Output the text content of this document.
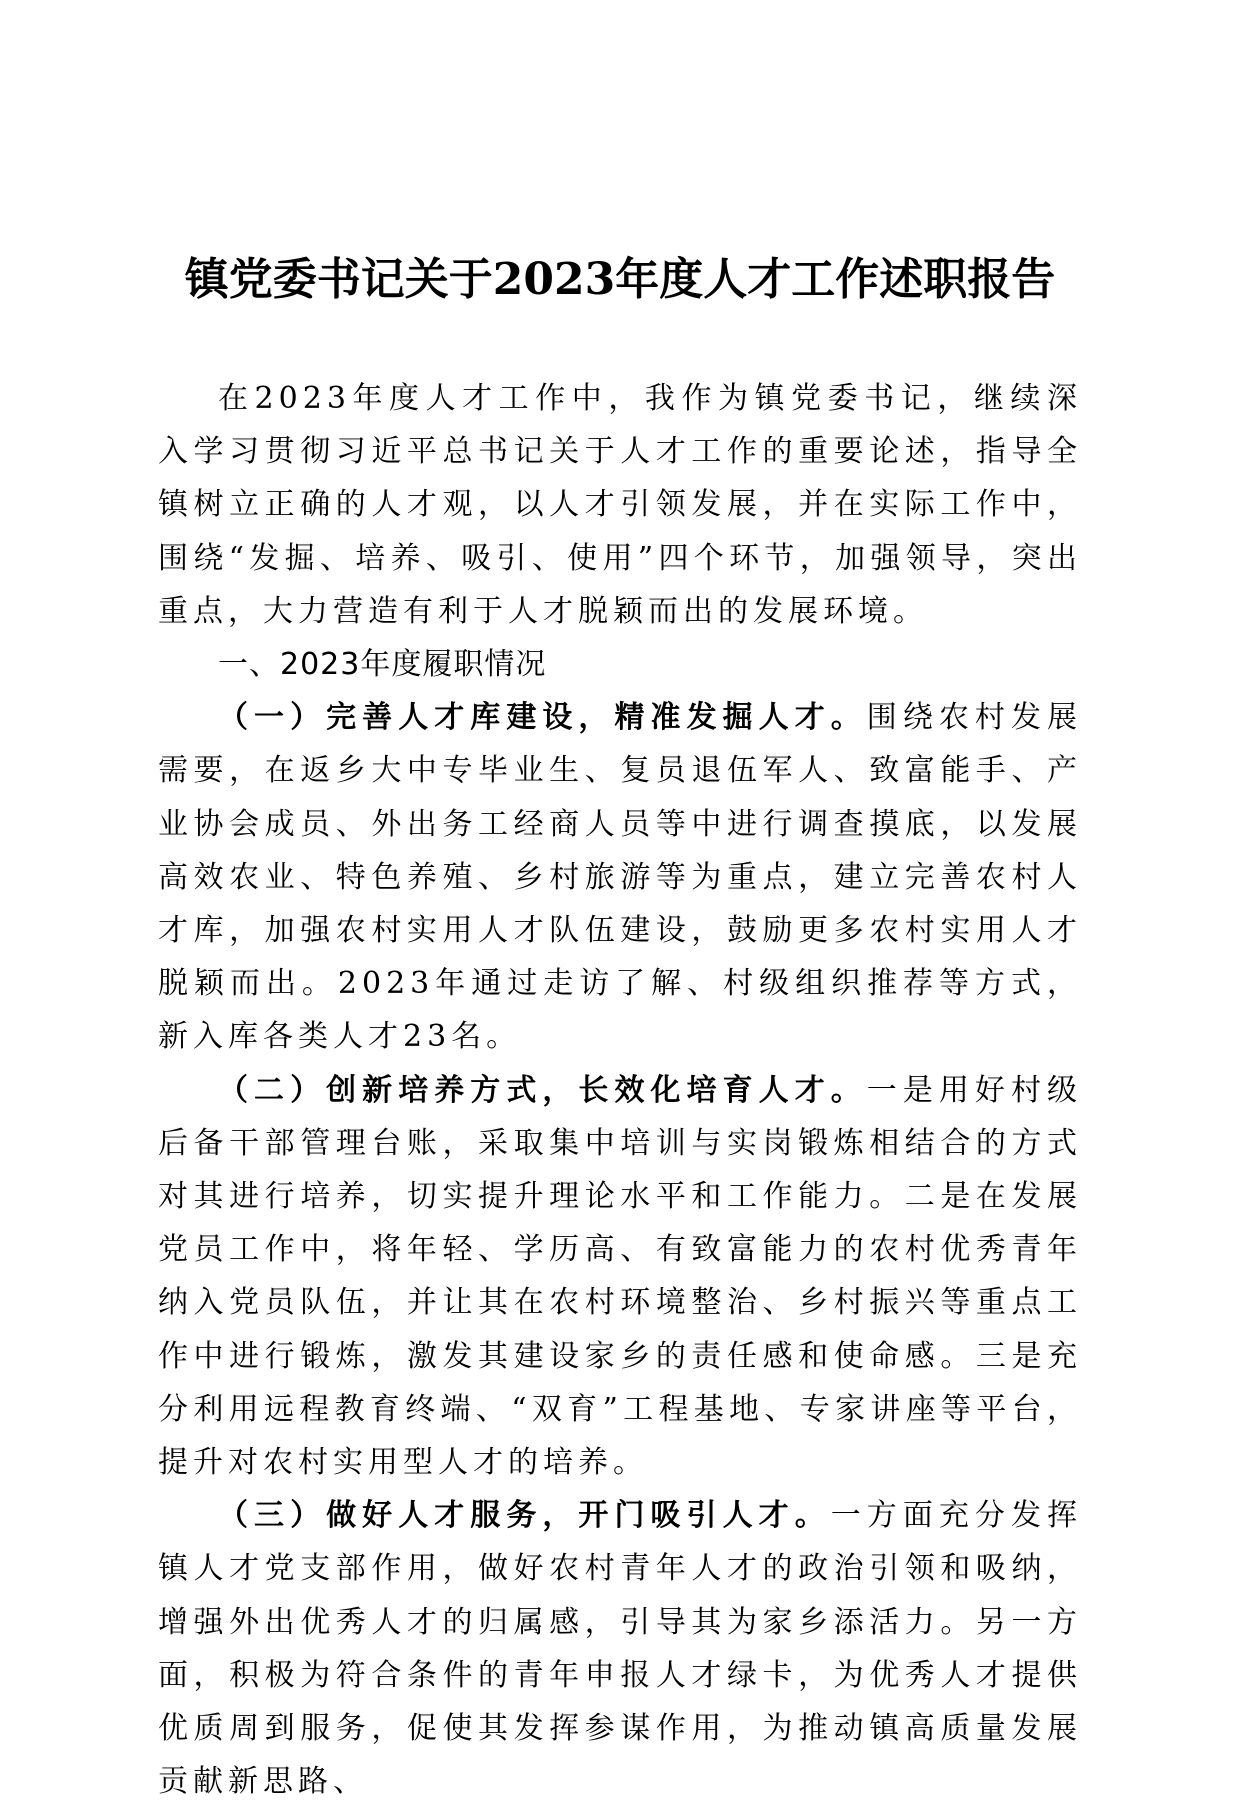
镇党委书记关于2023年度人才工作述职报告

在2023年度人才工作中，我作为镇党委书记，继续深入学习贯彻习近平总书记关于人才工作的重要论述，指导全镇树立正确的人才观，以人才引领发展，并在实际工作中，围绕“发掘、培养、吸引、使用”四个环节，加强领导，突出重点，大力营造有利于人才脱颖而出的发展环境。

一、2023年度履职情况

（一）完善人才库建设，精准发掘人才。围绕农村发展需要，在返乡大中专毕业生、复员退伍军人、致富能手、产业协会成员、外出务工经商人员等中进行调查摸底，以发展高效农业、特色养殖、乡村旅游等为重点，建立完善农村人才库，加强农村实用人才队伍建设，鼓励更多农村实用人才脱颖而出。2023年通过走访了解、村级组织推荐等方式，新入库各类人才23名。

（二）创新培养方式，长效化培育人才。一是用好村级后备干部管理台账，采取集中培训与实岗锻炼相结合的方式对其进行培养，切实提升理论水平和工作能力。二是在发展党员工作中，将年轻、学历高、有致富能力的农村优秀青年纳入党员队伍，并让其在农村环境整治、乡村振兴等重点工作中进行锻炼，激发其建设家乡的责任感和使命感。三是充分利用远程教育终端、“双育”工程基地、专家讲座等平台，提升对农村实用型人才的培养。

（三）做好人才服务，开门吸引人才。一方面充分发挥镇人才党支部作用，做好农村青年人才的政治引领和吸纳，增强外出优秀人才的归属感，引导其为家乡添活力。另一方面，积极为符合条件的青年申报人才绿卡，为优秀人才提供优质周到服务，促使其发挥参谋作用，为推动镇高质量发展贡献新思路、
